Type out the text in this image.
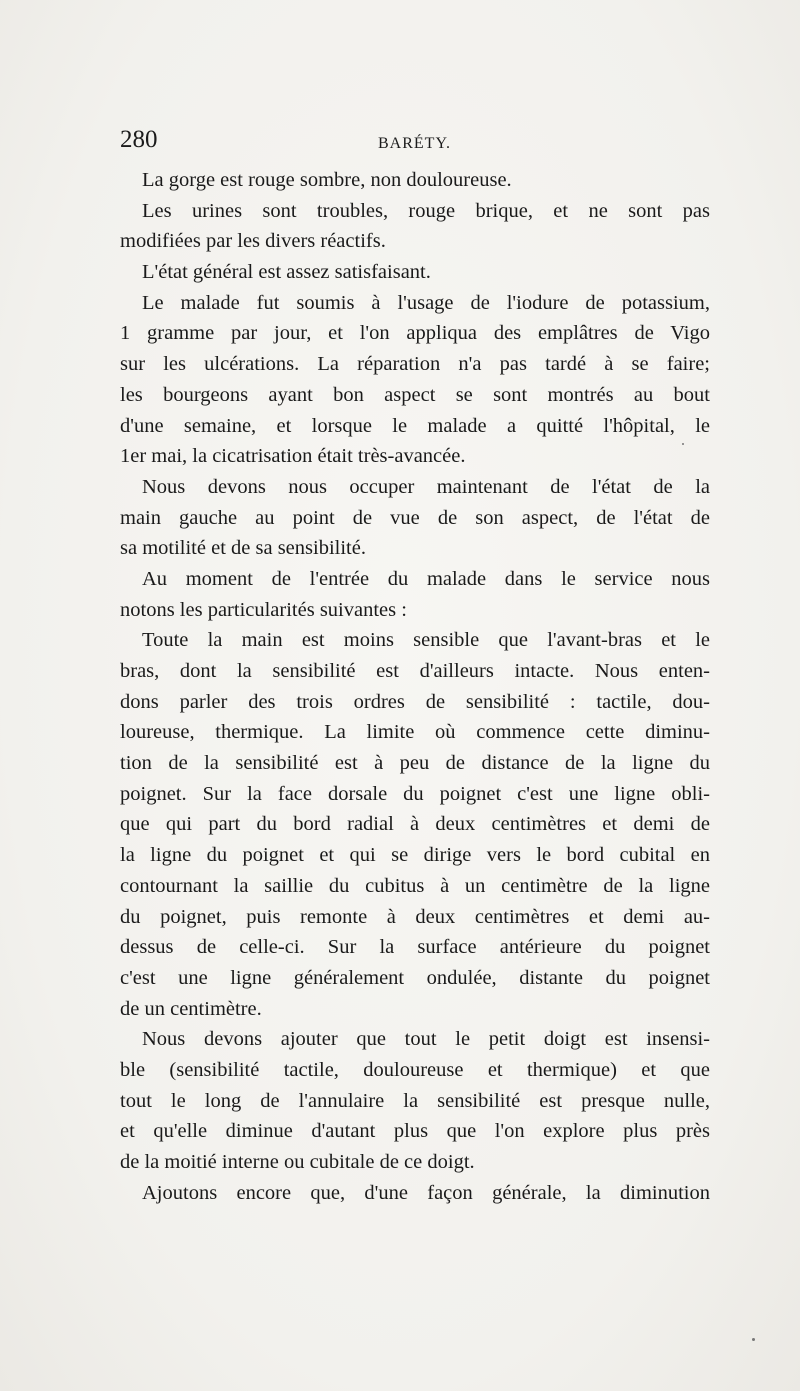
280	BARÉTY.
La gorge est rouge sombre, non douloureuse.
Les urines sont troubles, rouge brique, et ne sont pas
modifiées par les divers réactifs.
L'état général est assez satisfaisant.
Le malade fut soumis à l'usage de l'iodure de potassium,
1 gramme par jour, et l'on appliqua des emplâtres de Vigo
sur les ulcérations. La réparation n'a pas tardé à se faire;
les bourgeons ayant bon aspect se sont montrés au bout
d'une semaine, et lorsque le malade a quitté l'hôpital, le
1er mai, la cicatrisation était très-avancée.
Nous devons nous occuper maintenant de l'état de la
main gauche au point de vue de son aspect, de l'état de
sa motilité et de sa sensibilité.
Au moment de l'entrée du malade dans le service nous
notons les particularités suivantes :
Toute la main est moins sensible que l'avant-bras et le
bras, dont la sensibilité est d'ailleurs intacte. Nous enten-
dons parler des trois ordres de sensibilité : tactile, dou-
loureuse, thermique. La limite où commence cette diminu-
tion de la sensibilité est à peu de distance de la ligne du
poignet. Sur la face dorsale du poignet c'est une ligne obli-
que qui part du bord radial à deux centimètres et demi de
la ligne du poignet et qui se dirige vers le bord cubital en
contournant la saillie du cubitus à un centimètre de la ligne
du poignet, puis remonte à deux centimètres et demi au-
dessus de celle-ci. Sur la surface antérieure du poignet
c'est une ligne généralement ondulée, distante du poignet
de un centimètre.
Nous devons ajouter que tout le petit doigt est insensi-
ble (sensibilité tactile, douloureuse et thermique) et que
tout le long de l'annulaire la sensibilité est presque nulle,
et qu'elle diminue d'autant plus que l'on explore plus près
de la moitié interne ou cubitale de ce doigt.
Ajoutons encore que, d'une façon générale, la diminution
